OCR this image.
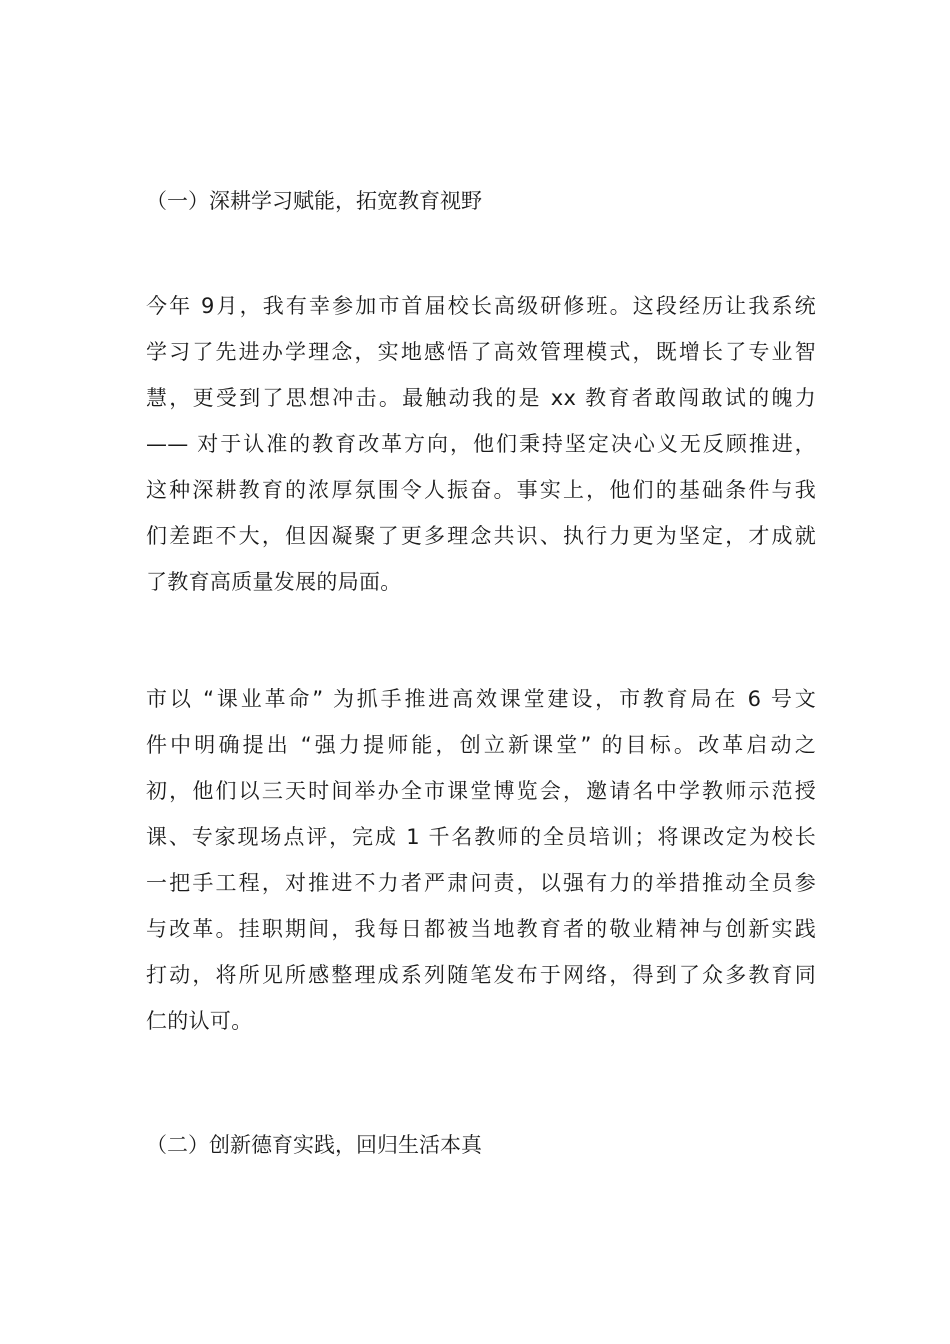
（一）深耕学习赋能，拓宽教育视野
今年 9月，我有幸参加市首届校长高级研修班。这段经历让我系统
学习了先进办学理念，实地感悟了高效管理模式，既增长了专业智
慧，更受到了思想冲击。最触动我的是 xx 教育者敢闯敢试的魄力
—— 对于认准的教育改革方向，他们秉持坚定决心义无反顾推进，
这种深耕教育的浓厚氛围令人振奋。事实上，他们的基础条件与我
们差距不大，但因凝聚了更多理念共识、执行力更为坚定，才成就
了教育高质量发展的局面。
市以 “课业革命” 为抓手推进高效课堂建设，市教育局在 6 号文
件中明确提出 “强力提师能，创立新课堂” 的目标。改革启动之
初，他们以三天时间举办全市课堂博览会，邀请名中学教师示范授
课、专家现场点评，完成 1 千名教师的全员培训；将课改定为校长
一把手工程，对推进不力者严肃问责，以强有力的举措推动全员参
与改革。挂职期间，我每日都被当地教育者的敬业精神与创新实践
打动，将所见所感整理成系列随笔发布于网络，得到了众多教育同
仁的认可。
（二）创新德育实践，回归生活本真
